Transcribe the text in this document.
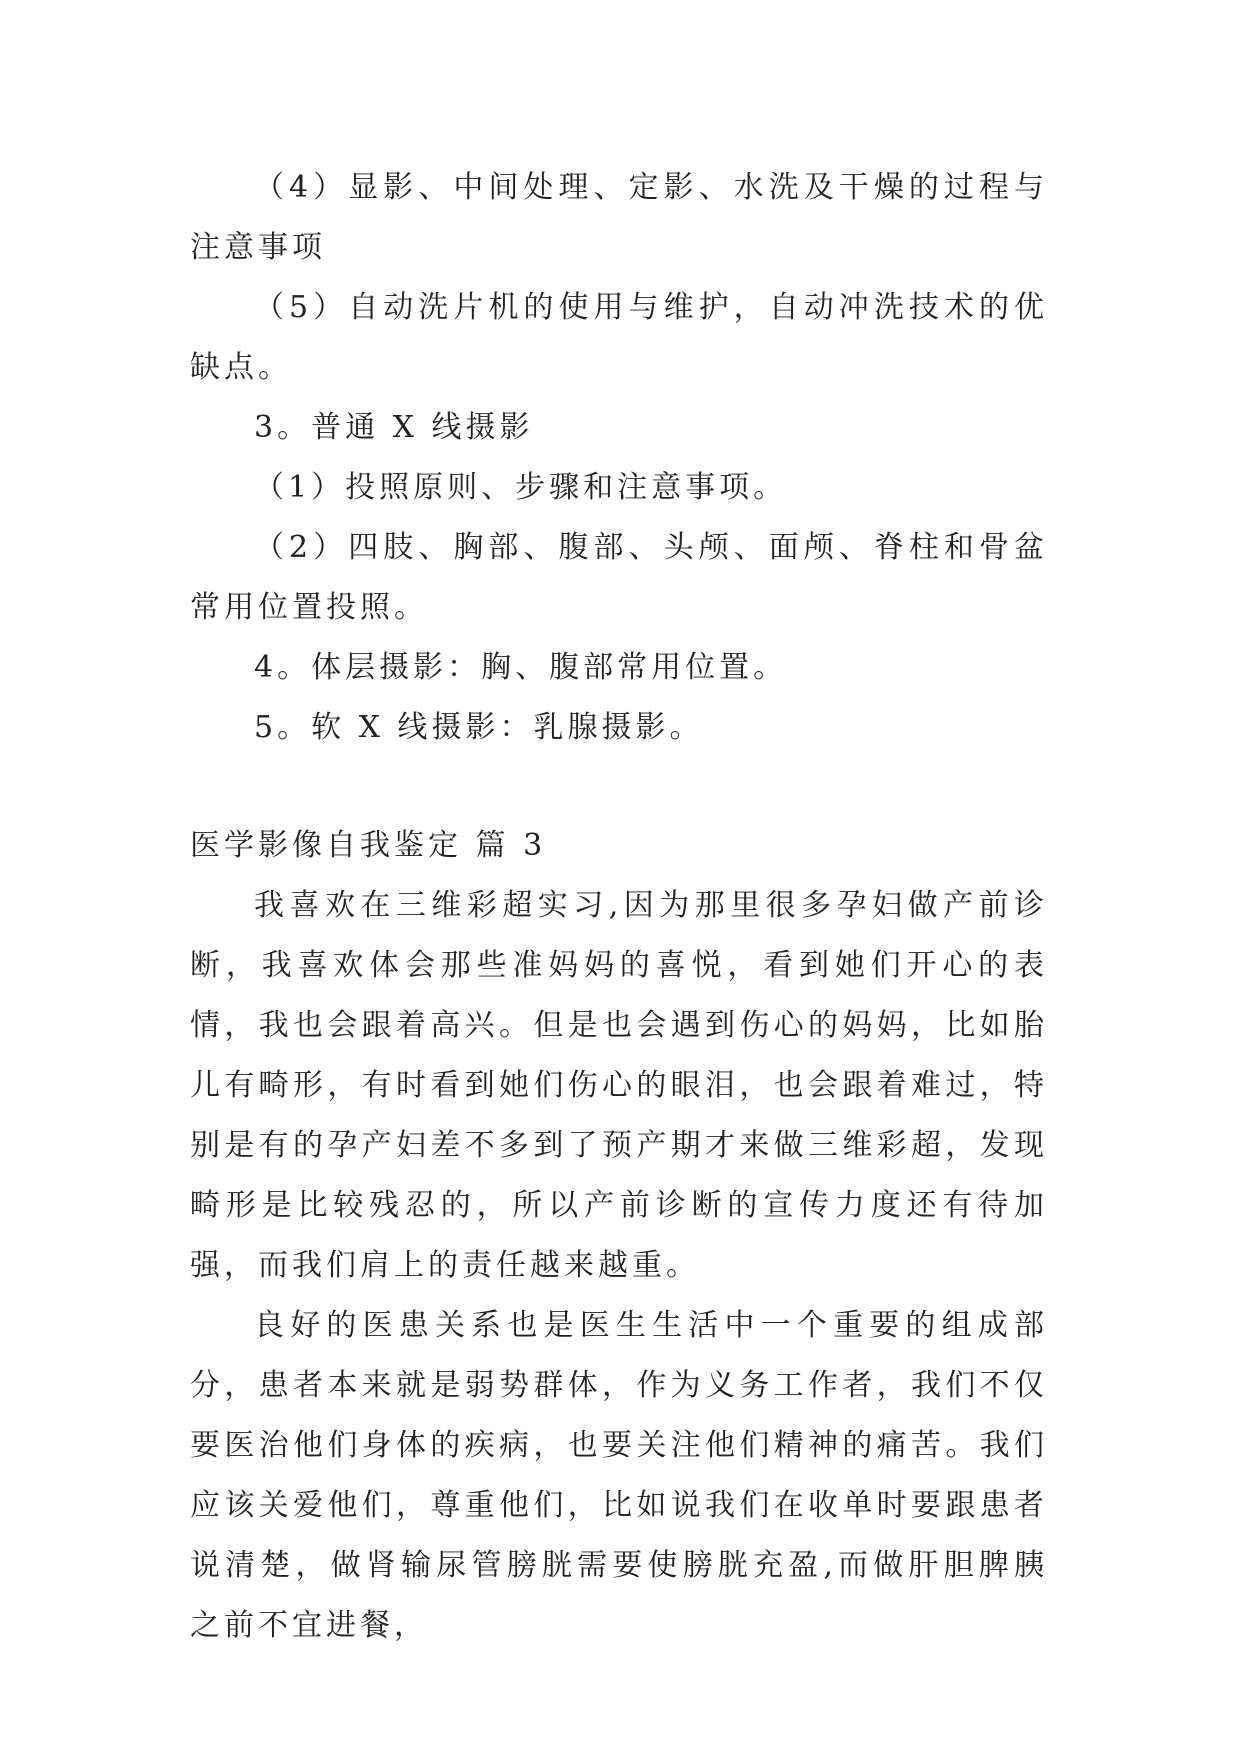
（4）显影、中间处理、定影、水洗及干燥的过程与注意事项

（5）自动洗片机的使用与维护，自动冲洗技术的优缺点。

3。普通 X 线摄影

（1）投照原则、步骤和注意事项。

（2）四肢、胸部、腹部、头颅、面颅、脊柱和骨盆常用位置投照。

4。体层摄影：胸、腹部常用位置。

5。软 X 线摄影：乳腺摄影。

医学影像自我鉴定 篇 3

我喜欢在三维彩超实习,因为那里很多孕妇做产前诊断，我喜欢体会那些准妈妈的喜悦，看到她们开心的表情，我也会跟着高兴。但是也会遇到伤心的妈妈，比如胎儿有畸形，有时看到她们伤心的眼泪，也会跟着难过，特别是有的孕产妇差不多到了预产期才来做三维彩超，发现畸形是比较残忍的，所以产前诊断的宣传力度还有待加强，而我们肩上的责任越来越重。

良好的医患关系也是医生生活中一个重要的组成部分，患者本来就是弱势群体，作为义务工作者，我们不仅要医治他们身体的疾病，也要关注他们精神的痛苦。我们应该关爱他们，尊重他们，比如说我们在收单时要跟患者说清楚，做肾输尿管膀胱需要使膀胱充盈,而做肝胆脾胰之前不宜进餐，
